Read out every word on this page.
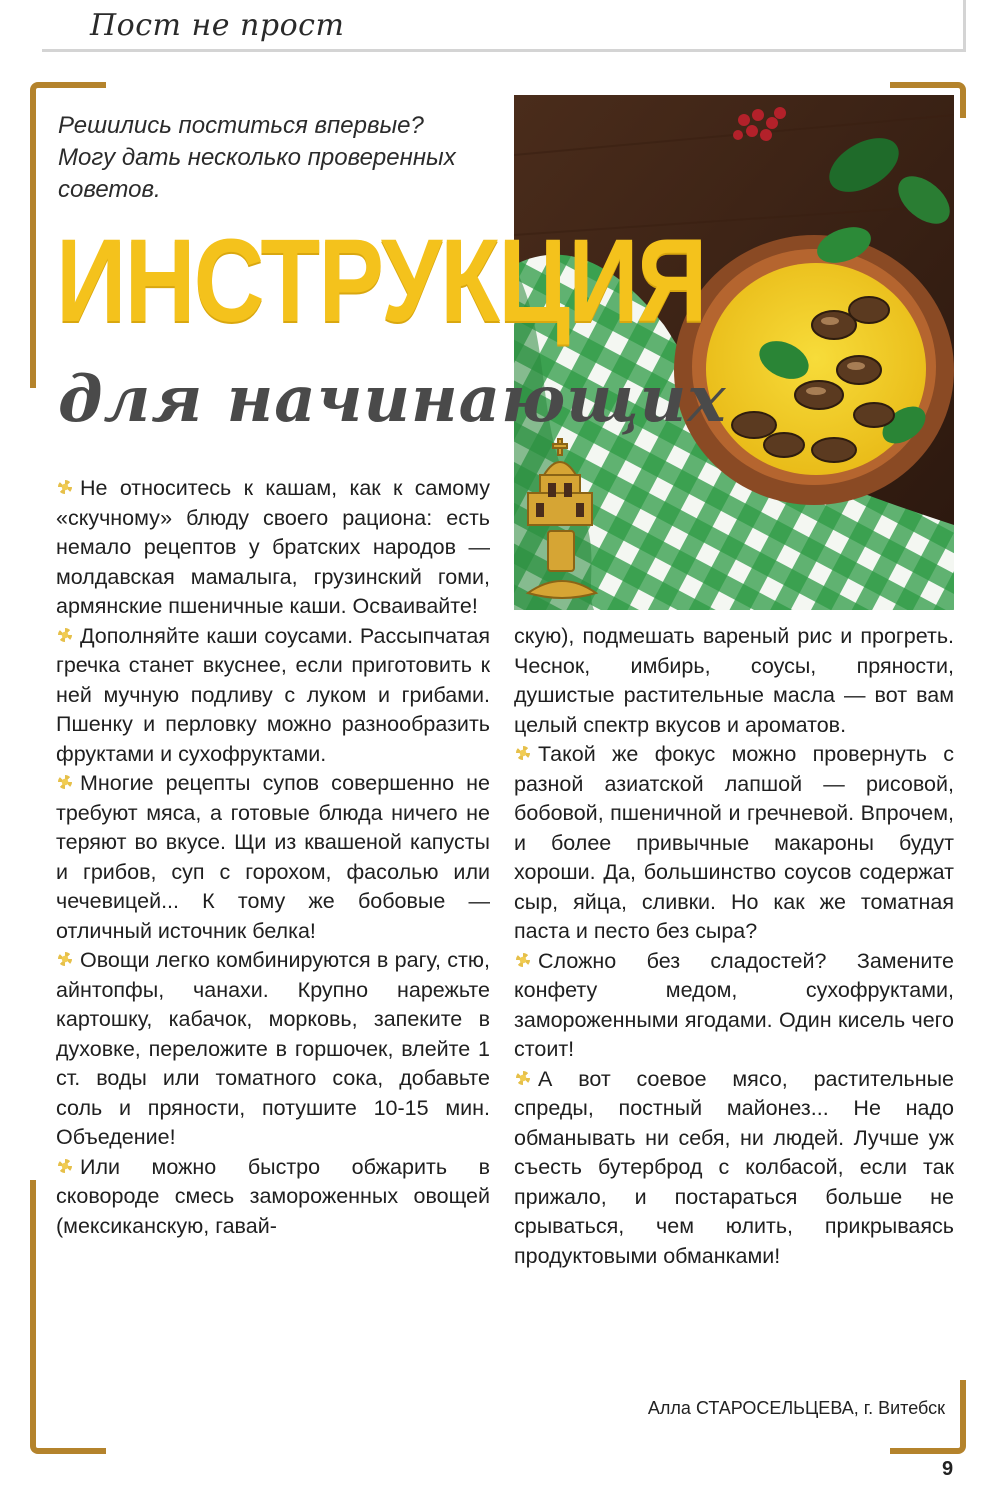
Пост не прост
Решились поститься впервые? Могу дать несколько проверенных советов.
ИНСТРУКЦИЯ
для начинающих

Не относитесь к кашам, как к самому «скучному» блюду своего рациона: есть немало рецептов у братских народов — молдавская мамалыга, грузинский гоми, армянские пшеничные каши. Осваивайте!

Дополняйте каши соусами. Рассыпчатая гречка станет вкуснее, если приготовить к ней мучную подливу с луком и грибами. Пшенку и перловку можно разнообразить фруктами и сухофруктами.

Многие рецепты супов совершенно не требуют мяса, а готовые блюда ничего не теряют во вкусе. Щи из квашеной капусты и грибов, суп с горохом, фасолью или чечевицей... К тому же бобовые — отличный источник белка!

Овощи легко комбинируются в рагу, стю, айнтопфы, чанахи. Крупно нарежьте картошку, кабачок, морковь, запеките в духовке, переложите в горшочек, влейте 1 ст. воды или томатного сока, добавьте соль и пряности, потушите 10-15 мин. Объедение!

Или можно быстро обжарить в сковороде смесь замороженных овощей (мексиканскую, гавай-

скую), подмешать вареный рис и прогреть. Чеснок, имбирь, соусы, пряности, душистые растительные масла — вот вам целый спектр вкусов и ароматов.

Такой же фокус можно провернуть с разной азиатской лапшой — рисовой, бобовой, пшеничной и гречневой. Впрочем, и более привычные макароны будут хороши. Да, большинство соусов содержат сыр, яйца, сливки. Но как же томатная паста и песто без сыра?

Сложно без сладостей? Замените конфету медом, сухофруктами, замороженными ягодами. Один кисель чего стоит!

А вот соевое мясо, растительные спреды, постный майонез... Не надо обманывать ни себя, ни людей. Лучше уж съесть бутерброд с колбасой, если так прижало, и постараться больше не срываться, чем юлить, прикрываясь продуктовыми обманками!

Алла СТАРОСЕЛЬЦЕВА, г. Витебск
9
